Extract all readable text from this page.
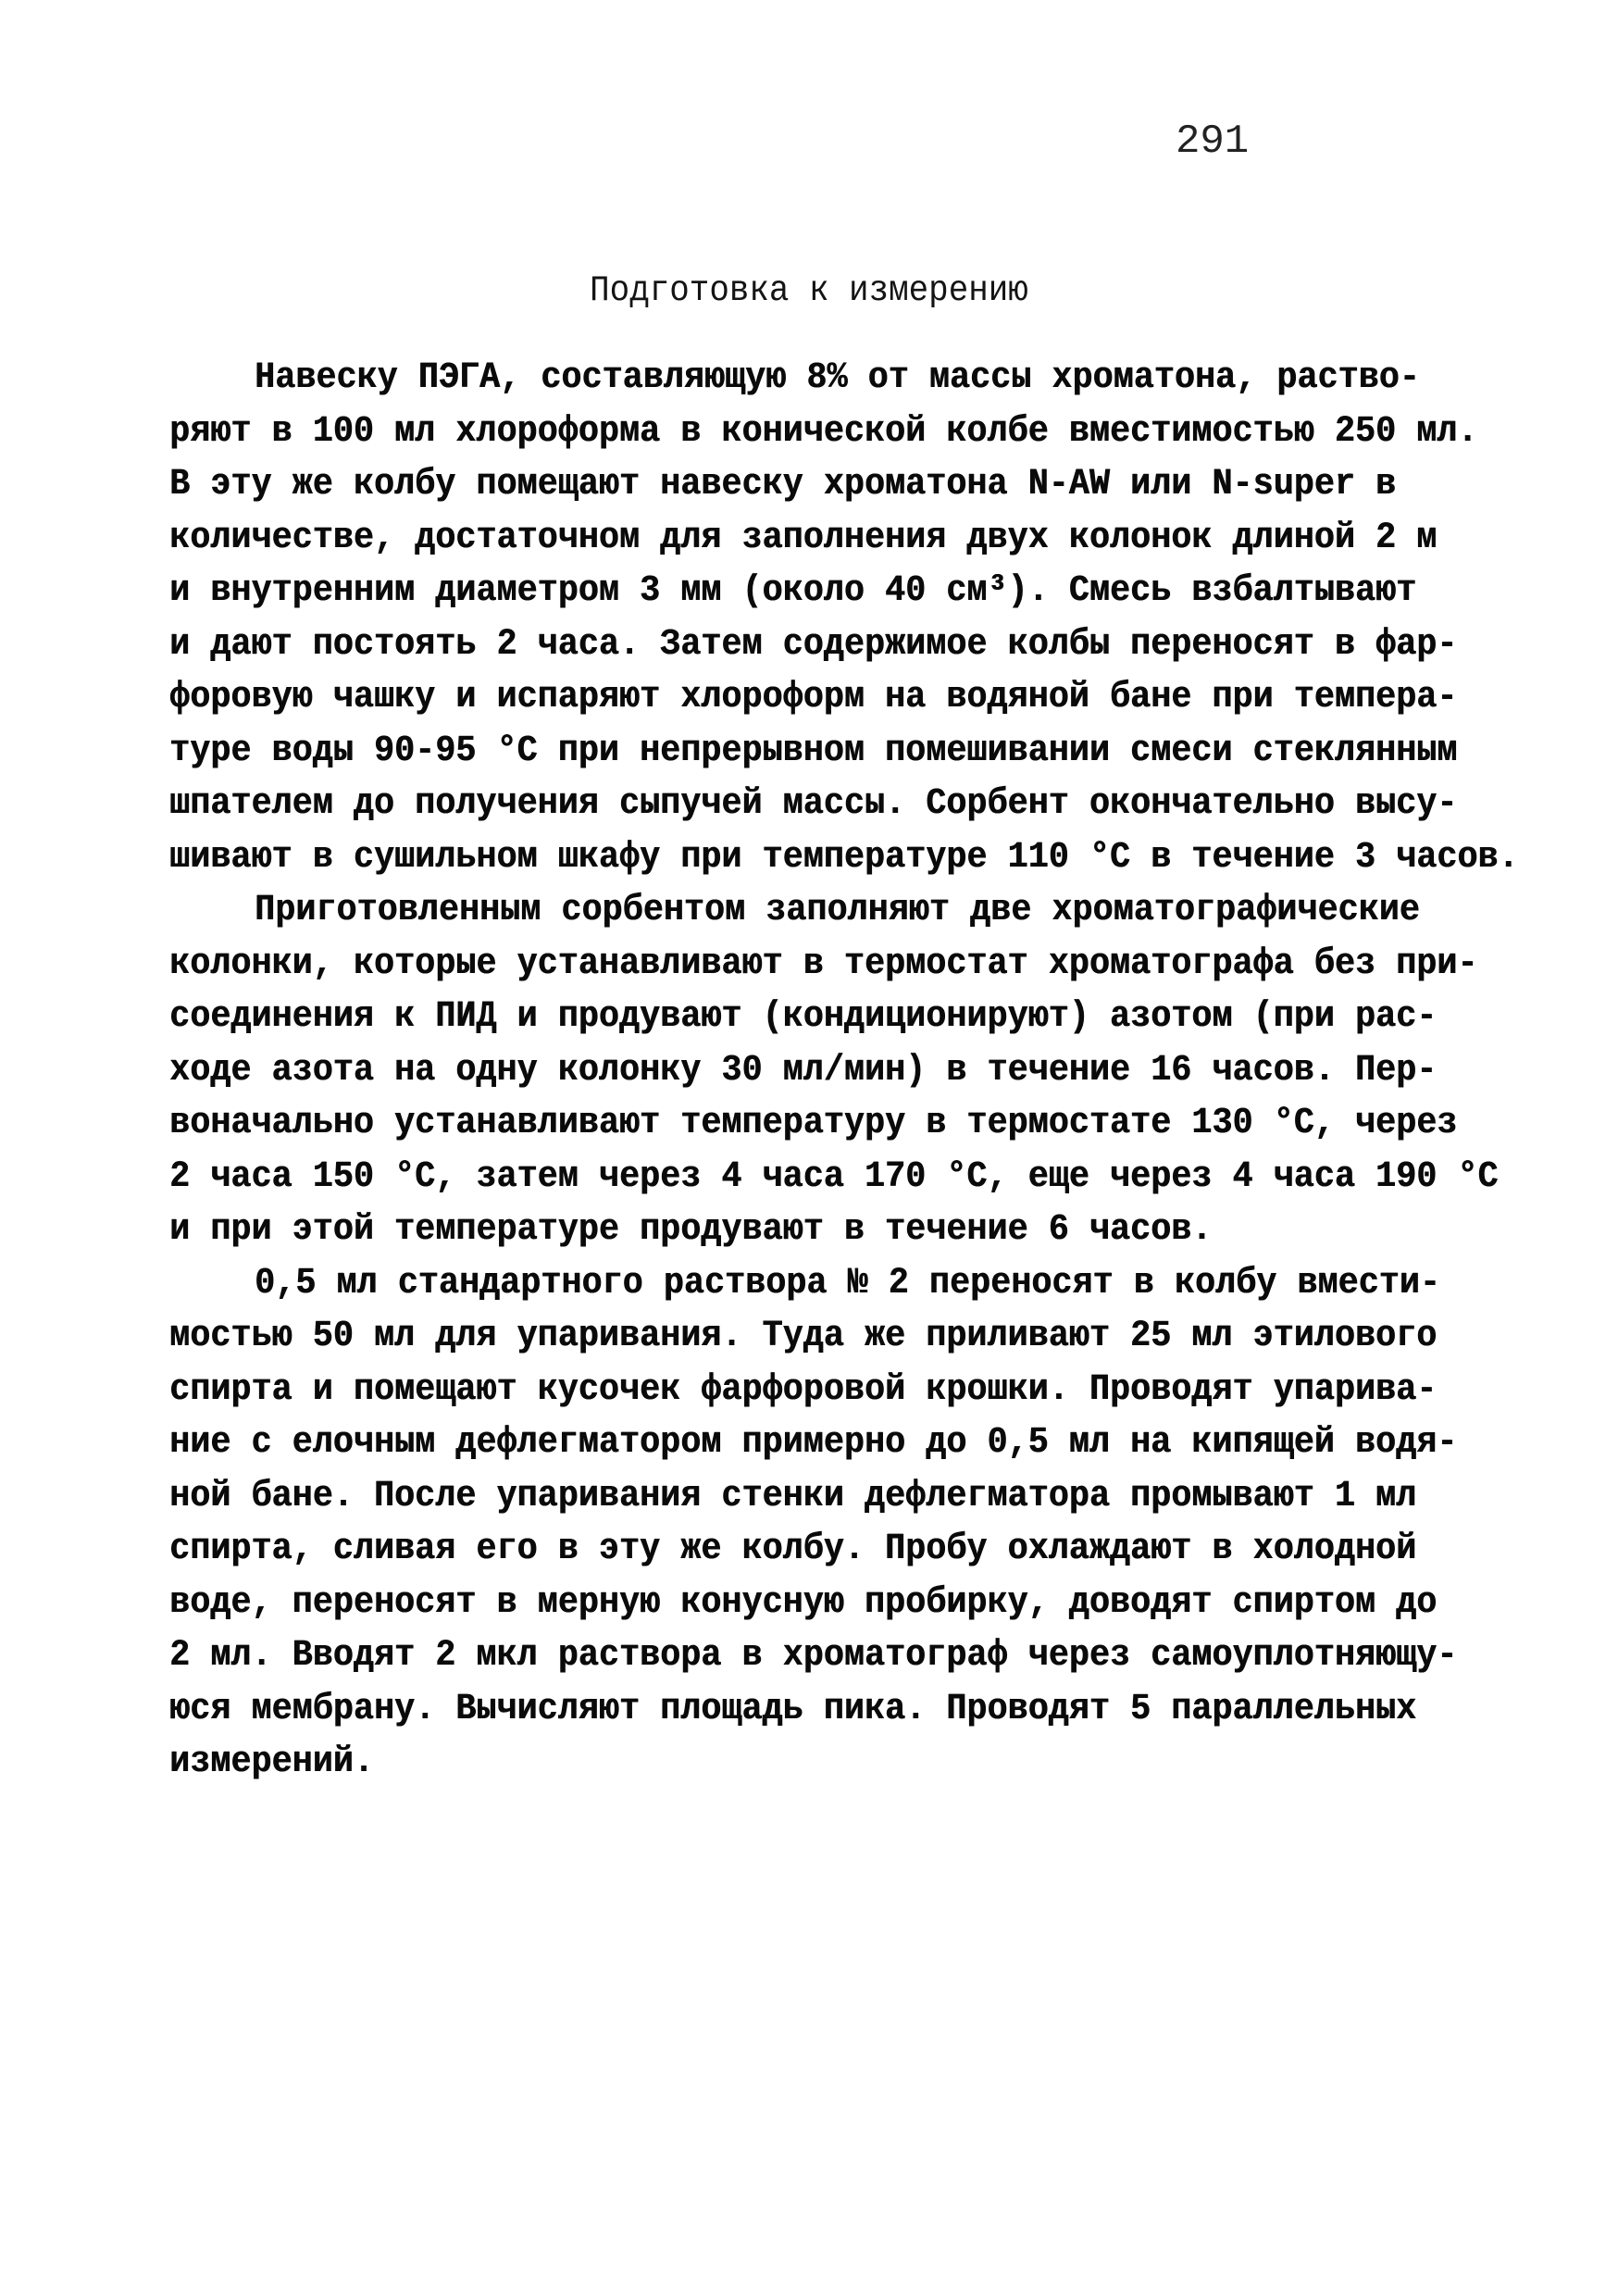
291
Подготовка к измерению
Навеску ПЭГА, составляющую 8% от массы хроматона, раство-
ряют в 100 мл хлороформа в конической колбе вместимостью 250 мл.
В эту же колбу помещают навеску хроматона N-AW или N-super в
количестве, достаточном для заполнения двух колонок длиной 2 м
и внутренним диаметром 3 мм (около 40 см³). Смесь взбалтывают
и дают постоять 2 часа. Затем содержимое колбы переносят в фар-
форовую чашку и испаряют хлороформ на водяной бане при темпера-
туре воды 90-95 °С при непрерывном помешивании смеси стеклянным
шпателем до получения сыпучей массы. Сорбент окончательно высу-
шивают в сушильном шкафу при температуре 110 °С в течение 3 часов.
Приготовленным сорбентом заполняют две хроматографические
колонки, которые устанавливают в термостат хроматографа без при-
соединения к ПИД и продувают (кондиционируют) азотом (при рас-
ходе азота на одну колонку 30 мл/мин) в течение 16 часов. Пер-
воначально устанавливают температуру в термостате 130 °С, через
2 часа 150 °С, затем через 4 часа 170 °С, еще через 4 часа 190 °С
и при этой температуре продувают в течение 6 часов.
0,5 мл стандартного раствора № 2 переносят в колбу вмести-
мостью 50 мл для упаривания. Туда же приливают 25 мл этилового
спирта и помещают кусочек фарфоровой крошки. Проводят упарива-
ние с елочным дефлегматором примерно до 0,5 мл на кипящей водя-
ной бане. После упаривания стенки дефлегматора промывают 1 мл
спирта, сливая его в эту же колбу. Пробу охлаждают в холодной
воде, переносят в мерную конусную пробирку, доводят спиртом до
2 мл. Вводят 2 мкл раствора в хроматограф через самоуплотняющу-
юся мембрану. Вычисляют площадь пика. Проводят 5 параллельных
измерений.
